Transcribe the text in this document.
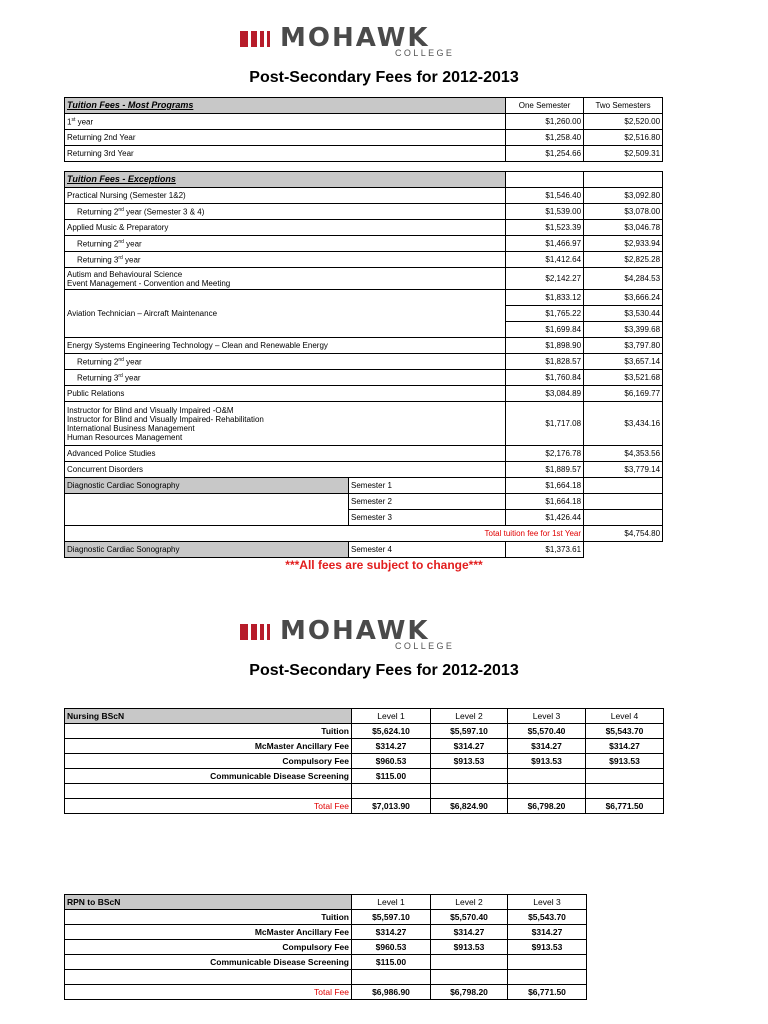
MOHAWK
COLLEGE
Post-Secondary Fees for 2012-2013
Tuition Fees - Most Programs		One Semester	Two Semesters
1st year		$1,260.00	$2,520.00
Returning 2nd Year		$1,258.40	$2,516.80
Returning 3rd Year		$1,254.66	$2,509.31

Tuition Fees - Exceptions			
Practical Nursing (Semester 1&2)		$1,546.40	$3,092.80
Returning 2nd year (Semester 3 & 4)		$1,539.00	$3,078.00
Applied Music & Preparatory		$1,523.39	$3,046.78
Returning 2nd year		$1,466.97	$2,933.94
Returning 3rd year		$1,412.64	$2,825.28

Autism and Behavioural Science
Event Management - Convention and Meeting		$2,142.27	$4,284.53
Aviation Technician – Aircraft Maintenance		$1,833.12	$3,666.24
		$1,765.22	$3,530.44
		$1,699.84	$3,399.68
Energy Systems Engineering Technology – Clean and Renewable Energy		$1,898.90	$3,797.80
Returning 2nd year		$1,828.57	$3,657.14
Returning 3rd year		$1,760.84	$3,521.68
Public Relations		$3,084.89	$6,169.77

Instructor for Blind and Visually Impaired -O&M
Instructor for Blind and Visually Impaired- Rehabilitation
International Business Management
Human Resources Management		$1,717.08	$3,434.16
Advanced Police Studies		$2,176.78	$4,353.56
Concurrent Disorders		$1,889.57	$3,779.14
Diagnostic Cardiac Sonography	Semester 1	$1,664.18	
	Semester 2	$1,664.18	
	Semester 3	$1,426.44	
Total tuition fee for 1st Year			$4,754.80
Diagnostic Cardiac Sonography	Semester 4	$1,373.61	
***All fees are subject to change***
MOHAWK
COLLEGE
Post-Secondary Fees for 2012-2013
Nursing BScN	Level 1	Level 2	Level 3	Level 4
Tuition	$5,624.10	$5,597.10	$5,570.40	$5,543.70
McMaster Ancillary Fee	$314.27	$314.27	$314.27	$314.27
Compulsory Fee	$960.53	$913.53	$913.53	$913.53
Communicable Disease Screening	$115.00			

Total Fee	$7,013.90	$6,824.90	$6,798.20	$6,771.50
RPN to BScN	Level 1	Level 2	Level 3
Tuition	$5,597.10	$5,570.40	$5,543.70
McMaster Ancillary Fee	$314.27	$314.27	$314.27
Compulsory Fee	$960.53	$913.53	$913.53
Communicable Disease Screening	$115.00		

Total Fee	$6,986.90	$6,798.20	$6,771.50
